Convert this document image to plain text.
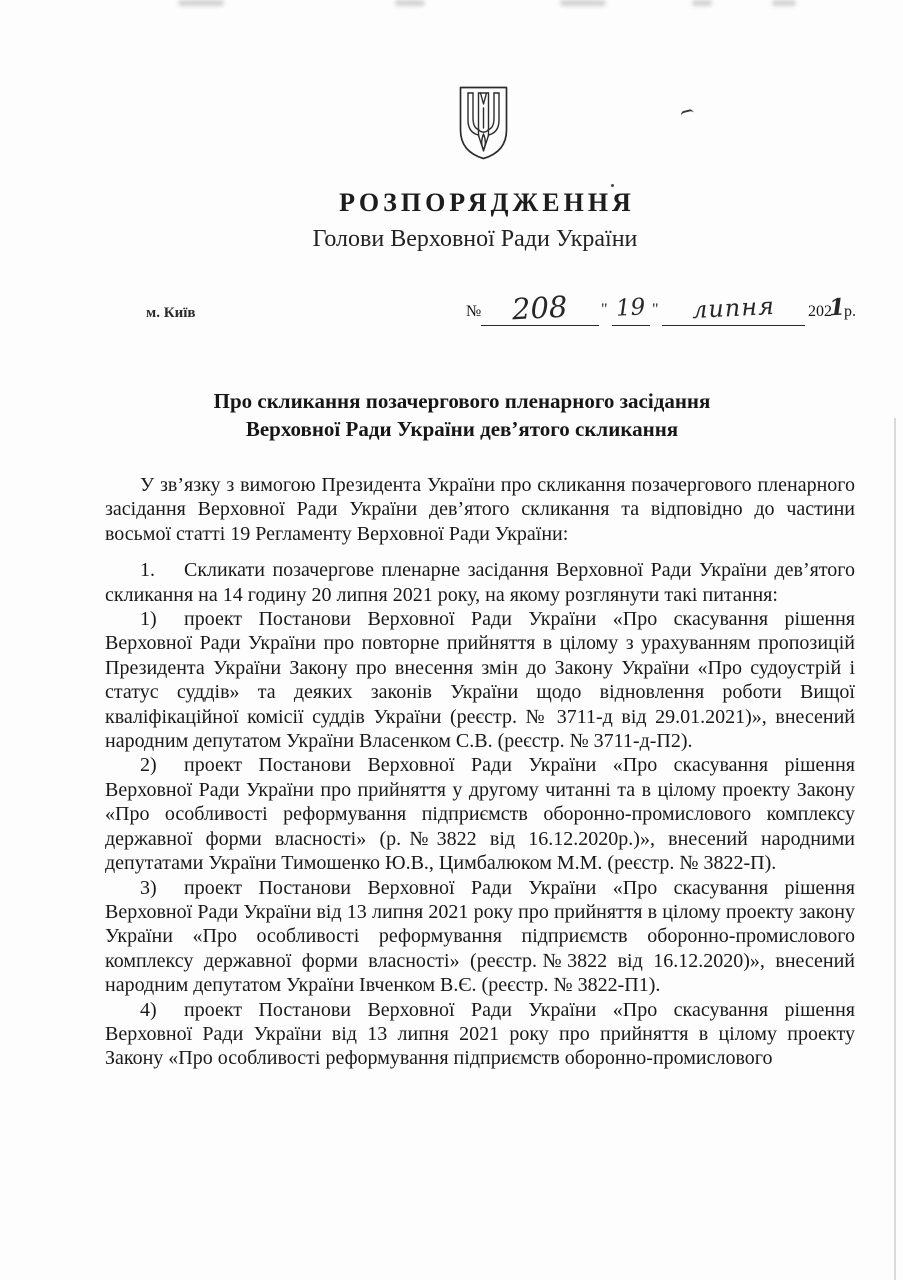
РОЗПОРЯДЖЕННЯ
Голови Верховної Ради України
м. Київ	№	208	" 19 "	липня	202
1
р.
Про скликання позачергового пленарного засідання
Верховної Ради України дев’ятого скликання

У зв’язку з вимогою Президента України про скликання позачергового пленарного засідання Верховної Ради України дев’ятого скликання та відповідно до частини восьмої статті 19 Регламенту Верховної Ради України:

1. Скликати позачергове пленарне засідання Верховної Ради України дев’ятого скликання на 14 годину 20 липня 2021 року, на якому розглянути такі питання:

1) проект Постанови Верховної Ради України «Про скасування рішення Верховної Ради України про повторне прийняття в цілому з урахуванням пропозицій Президента України Закону про внесення змін до Закону України «Про судоустрій і статус суддів» та деяких законів України щодо відновлення роботи Вищої кваліфікаційної комісії суддів України (реєстр. № 3711-д від 29.01.2021)», внесений народним депутатом України Власенком С.В. (реєстр. № 3711-д-П2).

2) проект Постанови Верховної Ради України «Про скасування рішення Верховної Ради України про прийняття у другому читанні та в цілому проекту Закону «Про особливості реформування підприємств оборонно-промислового комплексу державної форми власності» (р.№3822 від 16.12.2020р.)», внесений народними депутатами України Тимошенко Ю.В., Цимбалюком М.М. (реєстр. № 3822-П).

3) проект Постанови Верховної Ради України «Про скасування рішення Верховної Ради України від 13 липня 2021 року про прийняття в цілому проекту закону України «Про особливості реформування підприємств оборонно-промислового комплексу державної форми власності» (реєстр.№3822 від 16.12.2020)», внесений народним депутатом України Івченком В.Є. (реєстр. № 3822-П1).

4) проект Постанови Верховної Ради України «Про скасування рішення Верховної Ради України від 13 липня 2021 року про прийняття в цілому проекту Закону «Про особливості реформування підприємств оборонно-промислового
